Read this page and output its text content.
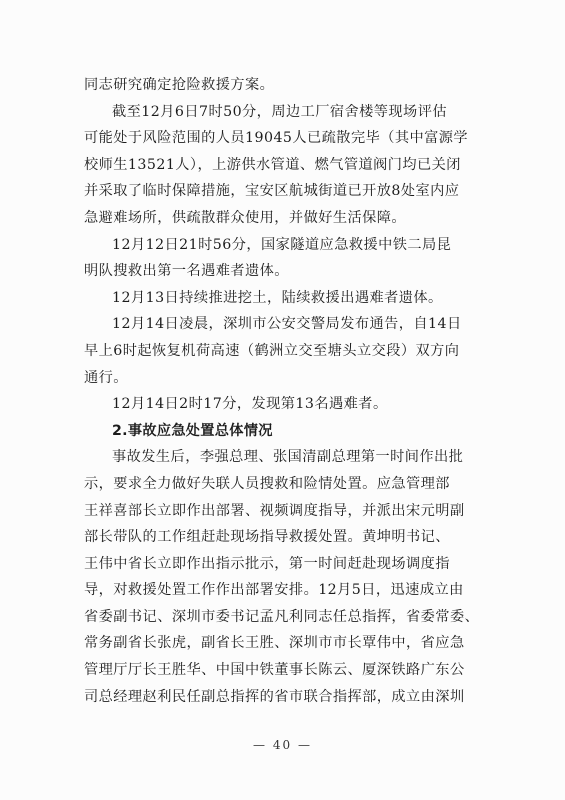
同志研究确定抢险救援方案。
截至12月6日7时50分，周边工厂宿舍楼等现场评估
可能处于风险范围的人员19045人已疏散完毕（其中富源学
校师生13521人），上游供水管道、燃气管道阀门均已关闭
并采取了临时保障措施，宝安区航城街道已开放8处室内应
急避难场所，供疏散群众使用，并做好生活保障。
12月12日21时56分，国家隧道应急救援中铁二局昆
明队搜救出第一名遇难者遗体。
12月13日持续推进挖土，陆续救援出遇难者遗体。
12月14日凌晨，深圳市公安交警局发布通告，自14日
早上6时起恢复机荷高速（鹤洲立交至塘头立交段）双方向
通行。
12月14日2时17分，发现第13名遇难者。
2.事故应急处置总体情况
事故发生后，李强总理、张国清副总理第一时间作出批
示，要求全力做好失联人员搜救和险情处置。应急管理部
王祥喜部长立即作出部署、视频调度指导，并派出宋元明副
部长带队的工作组赶赴现场指导救援处置。黄坤明书记、
王伟中省长立即作出指示批示，第一时间赶赴现场调度指
导，对救援处置工作作出部署安排。12月5日，迅速成立由
省委副书记、深圳市委书记孟凡利同志任总指挥，省委常委、
常务副省长张虎，副省长王胜、深圳市市长覃伟中，省应急
管理厅厅长王胜华、中国中铁董事长陈云、厦深铁路广东公
司总经理赵利民任副总指挥的省市联合指挥部，成立由深圳
— 40 —
